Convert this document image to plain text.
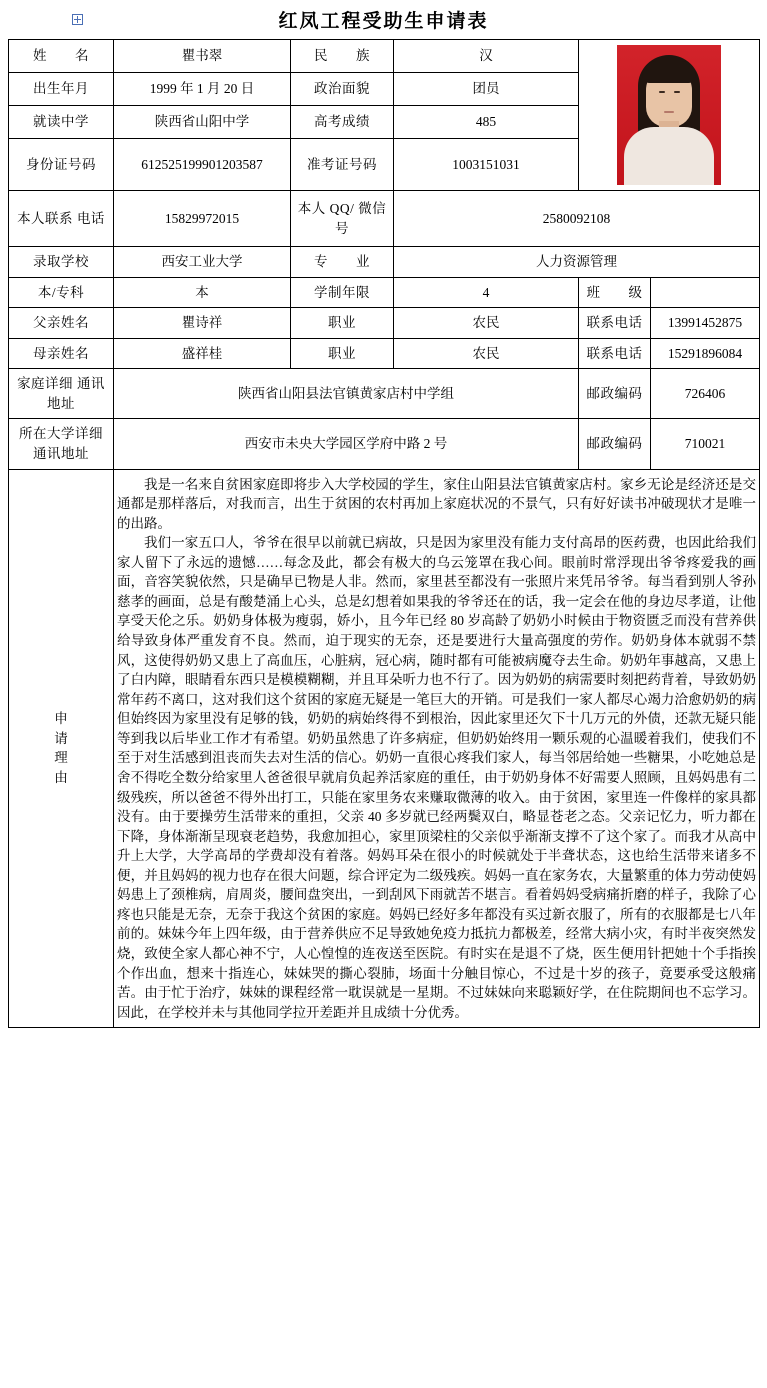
红凤工程受助生申请表
姓　　名	瞿书翠	民　　族	汉		

出生年月	1999 年 1 月 20 日	政治面貌	团员		
就读中学	陕西省山阳中学	高考成绩	485		
身份证号码	612525199901203587	准考证号码	1003151031		
本人联系 电话	15829972015	本人 QQ/ 微信号	2580092108		
录取学校	西安工业大学	专　　业	人力资源管理		
本/专科	本	学制年限	4	班　　级	
父亲姓名	瞿诗祥	职业	农民	联系电话	13991452875
母亲姓名	盛祥桂	职业	农民	联系电话	15291896084
家庭详细 通讯地址	陕西省山阳县法官镇黄家店村中学组			邮政编码	726406
所在大学详细 通讯地址	西安市未央大学园区学府中路 2 号			邮政编码	710021

申
请
理
由

我是一名来自贫困家庭即将步入大学校园的学生，家住山阳县法官镇黄家店村。家乡无论是经济还是交通都是那样落后，对我而言，出生于贫困的农村再加上家庭状况的不景气，只有好好读书冲破现状才是唯一的出路。

我们一家五口人，爷爷在很早以前就已病故，只是因为家里没有能力支付高昂的医药费，也因此给我们家人留下了永远的遗憾……每念及此，都会有极大的乌云笼罩在我心间。眼前时常浮现出爷爷疼爱我的画面，音容笑貌依然，只是确早已物是人非。然而，家里甚至都没有一张照片来凭吊爷爷。每当看到别人爷孙慈孝的画面，总是有酸楚涌上心头，总是幻想着如果我的爷爷还在的话，我一定会在他的身边尽孝道，让他享受天伦之乐。奶奶身体极为瘦弱，娇小，且今年已经 80 岁高龄了奶奶小时候由于物资匮乏而没有营养供给导致身体严重发育不良。然而，迫于现实的无奈，还是要进行大量高强度的劳作。奶奶身体本就弱不禁风，这使得奶奶又患上了高血压，心脏病，冠心病，随时都有可能被病魔夺去生命。奶奶年事越高，又患上了白内障，眼睛看东西只是模模糊糊，并且耳朵听力也不行了。因为奶奶的病需要时刻把药背着，导致奶奶常年药不离口，这对我们这个贫困的家庭无疑是一笔巨大的开销。可是我们一家人都尽心竭力洽愈奶奶的病但始终因为家里没有足够的钱，奶奶的病始终得不到根治，因此家里还欠下十几万元的外债，还款无疑只能等到我以后毕业工作才有希望。奶奶虽然患了许多病症，但奶奶始终用一颗乐观的心温暖着我们，使我们不至于对生活感到沮丧而失去对生活的信心。奶奶一直很心疼我们家人，每当邻居给她一些糖果，小吃她总是舍不得吃全数分给家里人爸爸很早就肩负起养活家庭的重任，由于奶奶身体不好需要人照顾，且妈妈患有二级残疾，所以爸爸不得外出打工，只能在家里务农来赚取微薄的收入。由于贫困，家里连一件像样的家具都没有。由于要操劳生活带来的重担，父亲 40 多岁就已经两鬓双白，略显苍老之态。父亲记忆力，听力都在下降，身体渐渐呈现衰老趋势，我愈加担心，家里顶梁柱的父亲似乎渐渐支撑不了这个家了。而我才从高中升上大学，大学高昂的学费却没有着落。妈妈耳朵在很小的时候就处于半聋状态，这也给生活带来诸多不便，并且妈妈的视力也存在很大问题，综合评定为二级残疾。妈妈一直在家务农，大量繁重的体力劳动使妈妈患上了颈椎病，肩周炎，腰间盘突出，一到刮风下雨就苦不堪言。看着妈妈受病痛折磨的样子，我除了心疼也只能是无奈，无奈于我这个贫困的家庭。妈妈已经好多年都没有买过新衣服了，所有的衣服都是七八年前的。妹妹今年上四年级，由于营养供应不足导致她免疫力抵抗力都极差，经常大病小灾，有时半夜突然发烧，致使全家人都心神不宁，人心惶惶的连夜送至医院。有时实在是退不了烧，医生便用针把她十个手指挨个作出血，想来十指连心，妹妹哭的撕心裂肺，场面十分触目惊心，不过是十岁的孩子，竟要承受这般痛苦。由于忙于治疗，妹妹的课程经常一耽误就是一星期。不过妹妹向来聪颖好学，在住院期间也不忘学习。因此，在学校并未与其他同学拉开差距并且成绩十分优秀。
